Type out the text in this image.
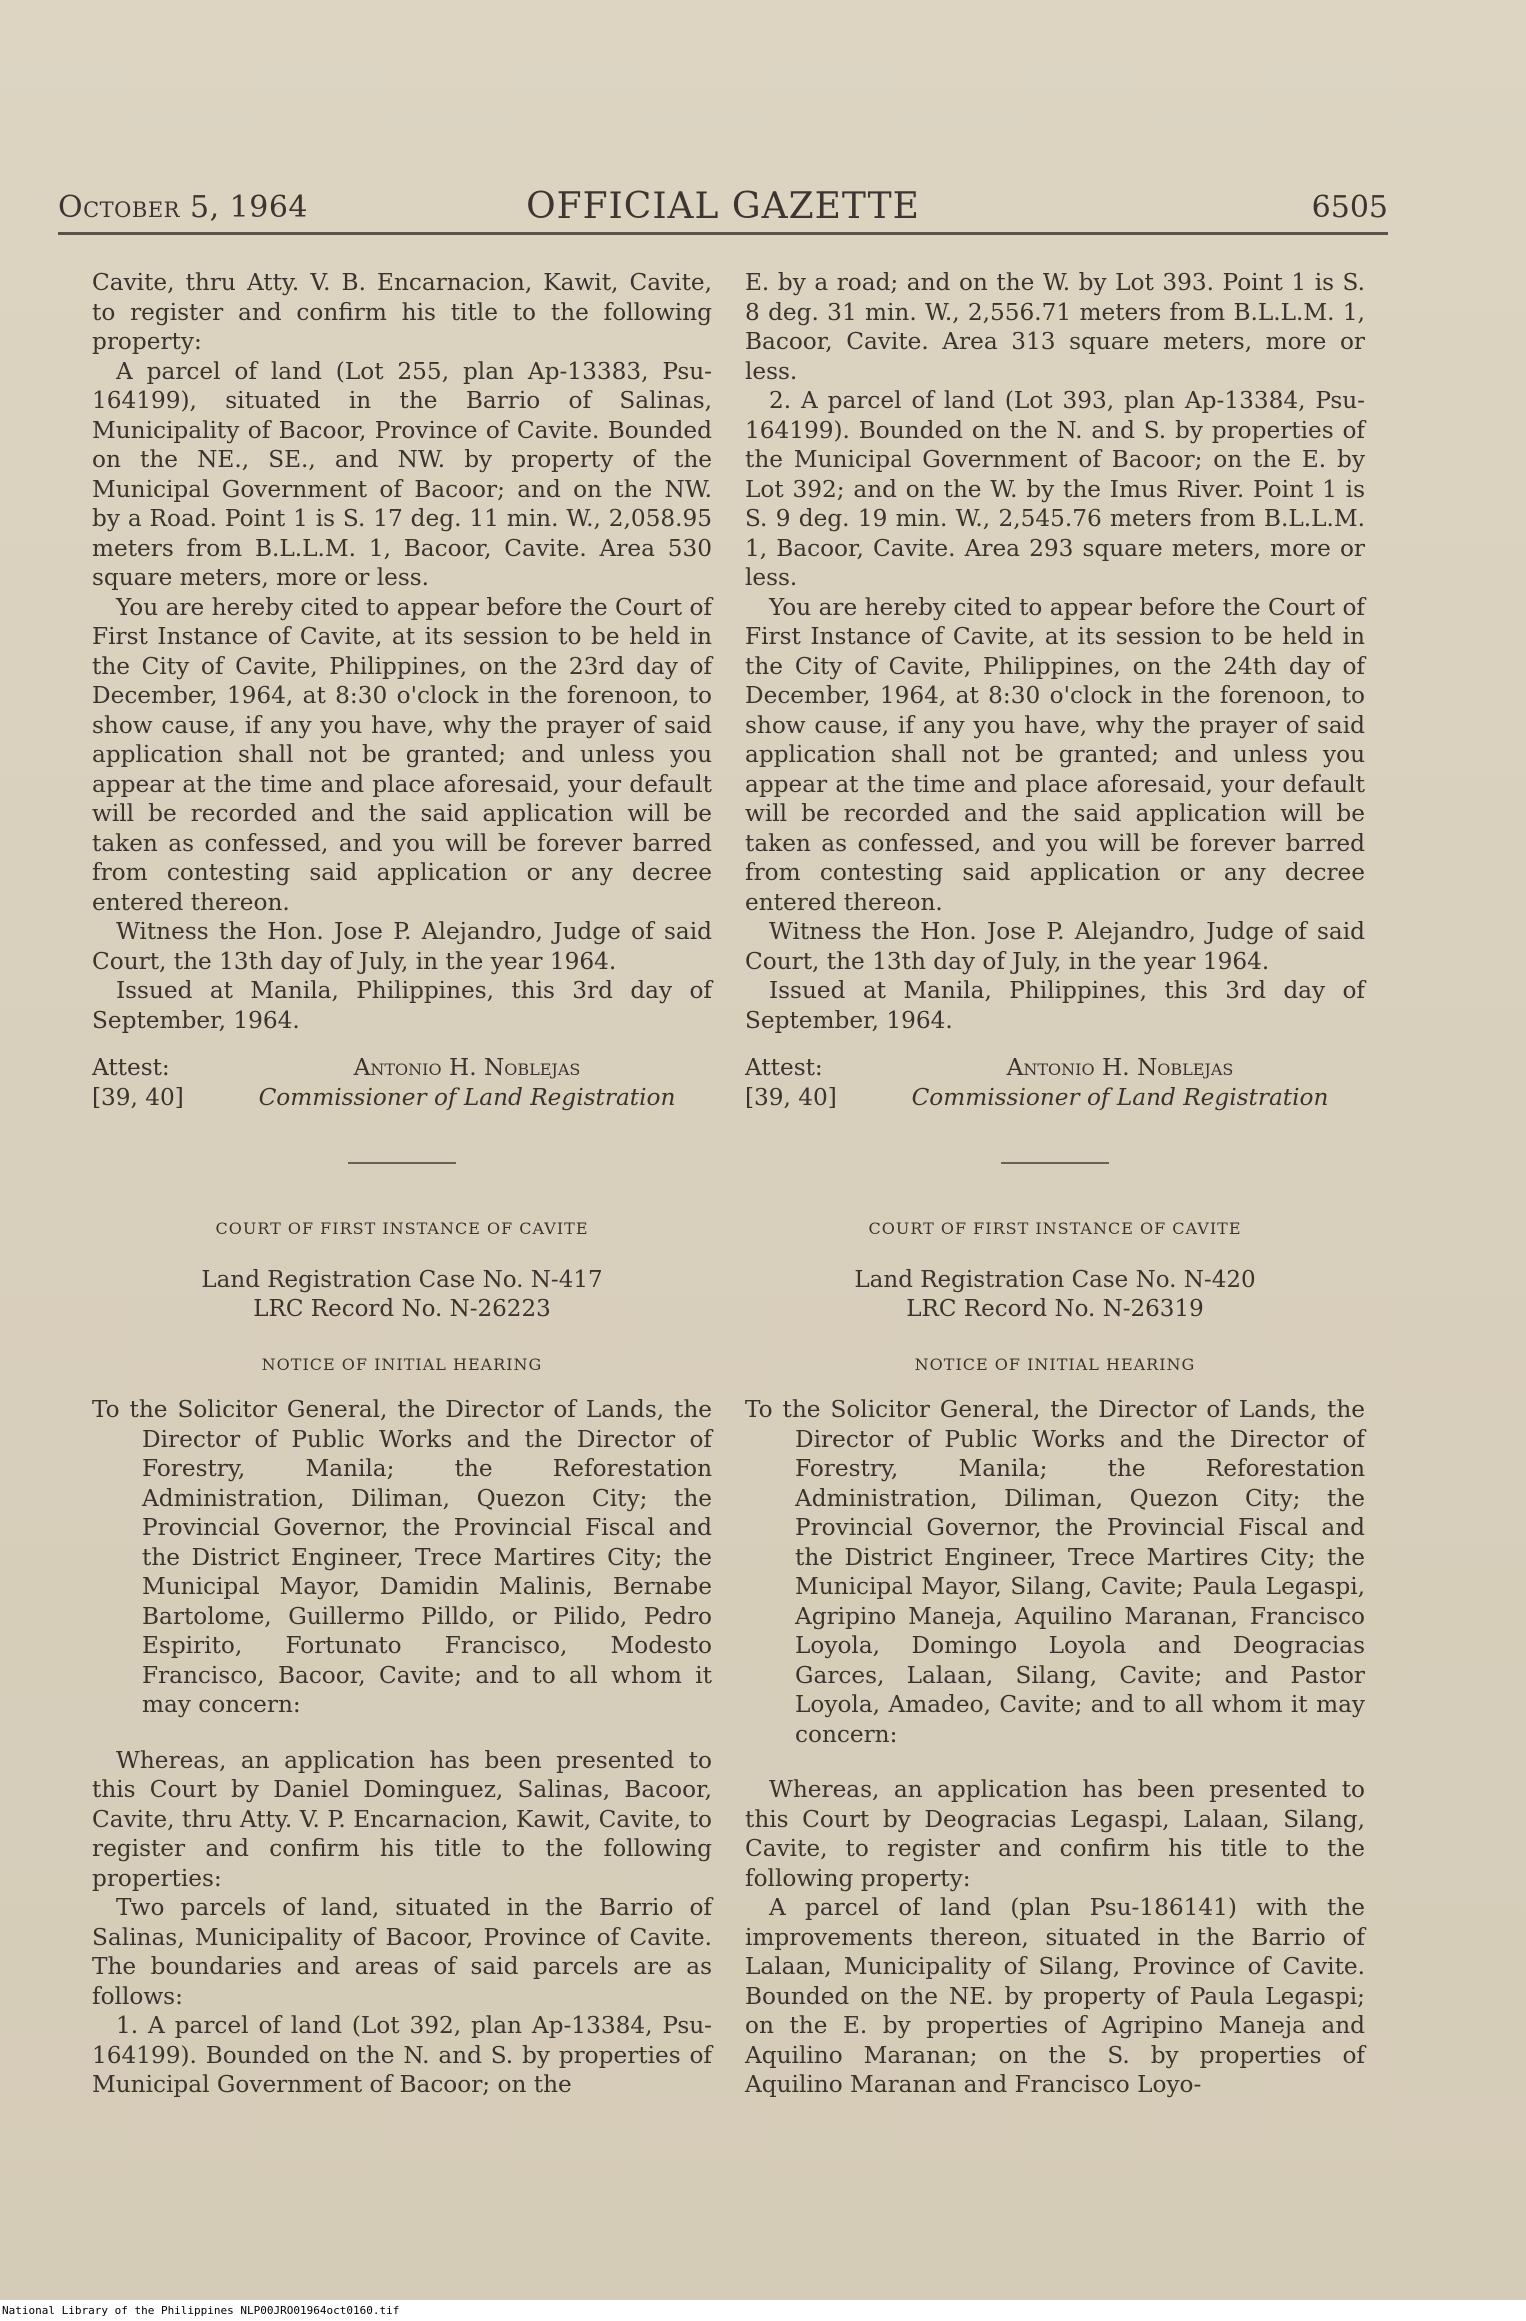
October 5, 1964	OFFICIAL GAZETTE	6505

Cavite, thru Atty. V. B. Encarnacion, Kawit, Cavite, to register and confirm his title to the following property:

A parcel of land (Lot 255, plan Ap-13383, Psu-164199), situated in the Barrio of Salinas, Municipality of Bacoor, Province of Cavite. Bounded on the NE., SE., and NW. by property of the Municipal Government of Bacoor; and on the NW. by a Road. Point 1 is S. 17 deg. 11 min. W., 2,058.95 meters from B.L.L.M. 1, Bacoor, Cavite. Area 530 square meters, more or less.

You are hereby cited to appear before the Court of First Instance of Cavite, at its session to be held in the City of Cavite, Philippines, on the 23rd day of December, 1964, at 8:30 o'clock in the forenoon, to show cause, if any you have, why the prayer of said application shall not be granted; and unless you appear at the time and place aforesaid, your default will be recorded and the said application will be taken as confessed, and you will be forever barred from contesting said application or any decree entered thereon.

Witness the Hon. Jose P. Alejandro, Judge of said Court, the 13th day of July, in the year 1964.

Issued at Manila, Philippines, this 3rd day of September, 1964.

Attest:
[39, 40]
Antonio H. Noblejas
Commissioner of Land Registration

COURT OF FIRST INSTANCE OF CAVITE

Land Registration Case No. N-417

LRC Record No. N-26223

NOTICE OF INITIAL HEARING

To the Solicitor General, the Director of Lands, the Director of Public Works and the Director of Forestry, Manila; the Reforestation Administration, Diliman, Quezon City; the Provincial Governor, the Provincial Fiscal and the District Engineer, Trece Martires City; the Municipal Mayor, Damidin Malinis, Bernabe Bartolome, Guillermo Pilldo, or Pilido, Pedro Espirito, Fortunato Francisco, Modesto Francisco, Bacoor, Cavite; and to all whom it may concern:

Whereas, an application has been presented to this Court by Daniel Dominguez, Salinas, Bacoor, Cavite, thru Atty. V. P. Encarnacion, Kawit, Cavite, to register and confirm his title to the following properties:

Two parcels of land, situated in the Barrio of Salinas, Municipality of Bacoor, Province of Cavite. The boundaries and areas of said parcels are as follows:

1. A parcel of land (Lot 392, plan Ap-13384, Psu-164199). Bounded on the N. and S. by properties of Municipal Government of Bacoor; on the

E. by a road; and on the W. by Lot 393. Point 1 is S. 8 deg. 31 min. W., 2,556.71 meters from B.L.L.M. 1, Bacoor, Cavite. Area 313 square meters, more or less.

2. A parcel of land (Lot 393, plan Ap-13384, Psu-164199). Bounded on the N. and S. by properties of the Municipal Government of Bacoor; on the E. by Lot 392; and on the W. by the Imus River. Point 1 is S. 9 deg. 19 min. W., 2,545.76 meters from B.L.L.M. 1, Bacoor, Cavite. Area 293 square meters, more or less.

You are hereby cited to appear before the Court of First Instance of Cavite, at its session to be held in the City of Cavite, Philippines, on the 24th day of December, 1964, at 8:30 o'clock in the forenoon, to show cause, if any you have, why the prayer of said application shall not be granted; and unless you appear at the time and place aforesaid, your default will be recorded and the said application will be taken as confessed, and you will be forever barred from contesting said application or any decree entered thereon.

Witness the Hon. Jose P. Alejandro, Judge of said Court, the 13th day of July, in the year 1964.

Issued at Manila, Philippines, this 3rd day of September, 1964.

Attest:
[39, 40]
Antonio H. Noblejas
Commissioner of Land Registration

COURT OF FIRST INSTANCE OF CAVITE

Land Registration Case No. N-420

LRC Record No. N-26319

NOTICE OF INITIAL HEARING

To the Solicitor General, the Director of Lands, the Director of Public Works and the Director of Forestry, Manila; the Reforestation Administration, Diliman, Quezon City; the Provincial Governor, the Provincial Fiscal and the District Engineer, Trece Martires City; the Municipal Mayor, Silang, Cavite; Paula Legaspi, Agripino Maneja, Aquilino Maranan, Francisco Loyola, Domingo Loyola and Deogracias Garces, Lalaan, Silang, Cavite; and Pastor Loyola, Amadeo, Cavite; and to all whom it may concern:

Whereas, an application has been presented to this Court by Deogracias Legaspi, Lalaan, Silang, Cavite, to register and confirm his title to the following property:

A parcel of land (plan Psu-186141) with the improvements thereon, situated in the Barrio of Lalaan, Municipality of Silang, Province of Cavite. Bounded on the NE. by property of Paula Legaspi; on the E. by properties of Agripino Maneja and Aquilino Maranan; on the S. by properties of Aquilino Maranan and Francisco Loyo-

National Library of the Philippines NLP00JRO01964oct0160.tif
